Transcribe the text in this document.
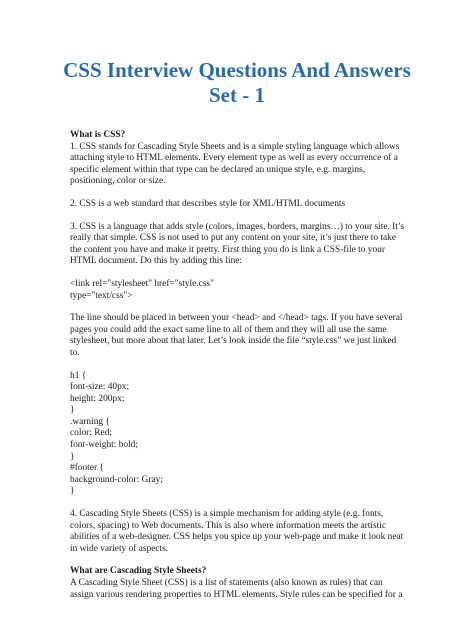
CSS Interview Questions And Answers
Set - 1

What is CSS?

1. CSS stands for Cascading Style Sheets and is a simple styling language which allows
attaching style to HTML elements. Every element type as well as every occurrence of a
specific element within that type can be declared an unique style, e.g. margins,
positioning, color or size.

2. CSS is a web standard that describes style for XML/HTML documents

3. CSS is a language that adds style (colors, images, borders, margins…) to your site. It’s
really that simple. CSS is not used to put any content on your site, it’s just there to take
the content you have and make it pretty. First thing you do is link a CSS-file to your
HTML document. Do this by adding this line:

<link rel="stylesheet" href="style.css"
type="text/css">

The line should be placed in between your <head> and </head> tags. If you have several
pages you could add the exact same line to all of them and they will all use the same
stylesheet, but more about that later. Let’s look inside the file “style.css” we just linked
to.

h1 {
font-size: 40px;
height: 200px;
}
.warning {
color: Red;
font-weight: bold;
}
#footer {
background-color: Gray;
}

4. Cascading Style Sheets (CSS) is a simple mechanism for adding style (e.g. fonts,
colors, spacing) to Web documents. This is also where information meets the artistic
abilities of a web-designer. CSS helps you spice up your web-page and make it look neat
in wide variety of aspects.

What are Cascading Style Sheets?

A Cascading Style Sheet (CSS) is a list of statements (also known as rules) that can
assign various rendering properties to HTML elements. Style rules can be specified for a
